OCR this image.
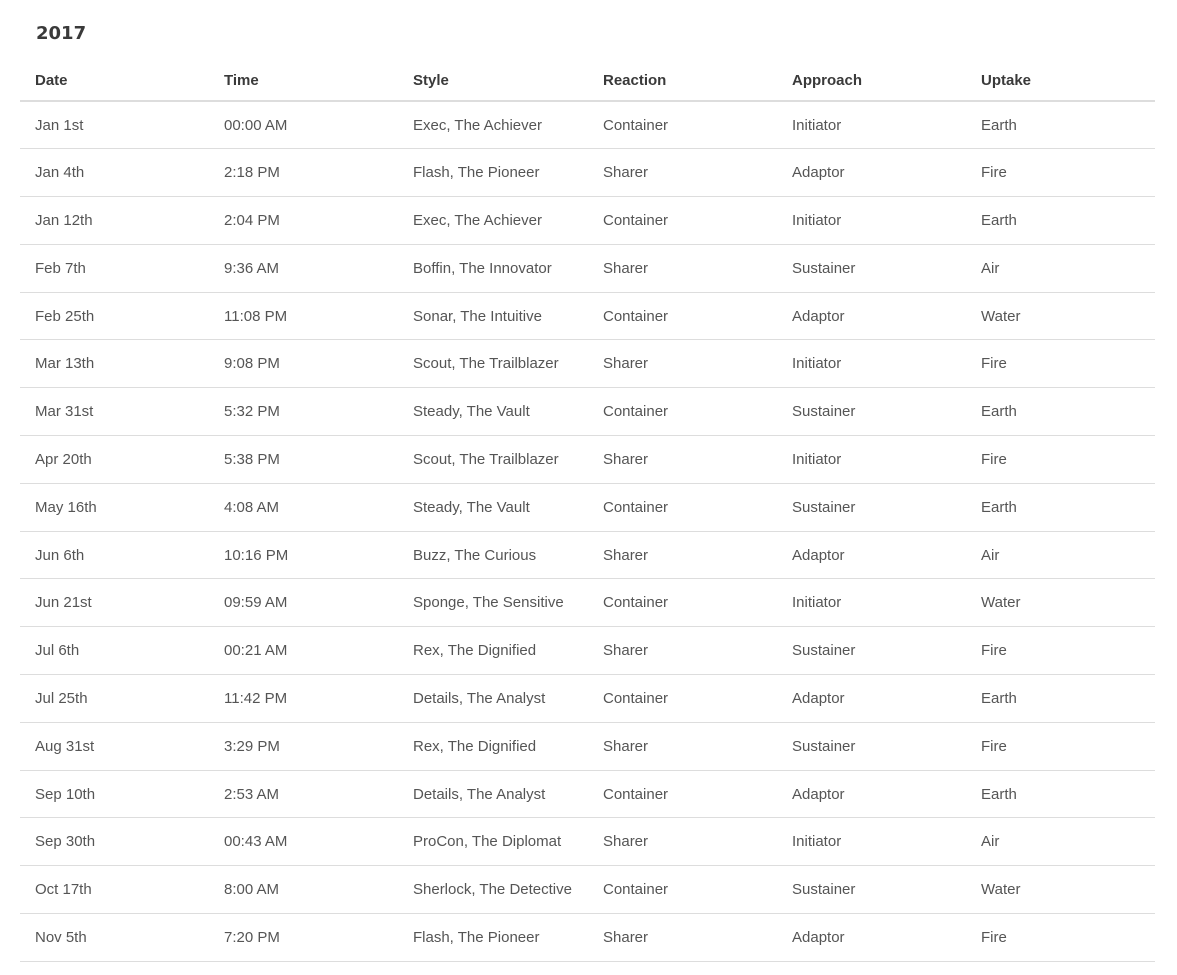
2017
Date	Time	Style	Reaction	Approach	Uptake
Jan 1st	00:00 AM	Exec, The Achiever	Container	Initiator	Earth
Jan 4th	2:18 PM	Flash, The Pioneer	Sharer	Adaptor	Fire
Jan 12th	2:04 PM	Exec, The Achiever	Container	Initiator	Earth
Feb 7th	9:36 AM	Boffin, The Innovator	Sharer	Sustainer	Air
Feb 25th	11:08 PM	Sonar, The Intuitive	Container	Adaptor	Water
Mar 13th	9:08 PM	Scout, The Trailblazer	Sharer	Initiator	Fire
Mar 31st	5:32 PM	Steady, The Vault	Container	Sustainer	Earth
Apr 20th	5:38 PM	Scout, The Trailblazer	Sharer	Initiator	Fire
May 16th	4:08 AM	Steady, The Vault	Container	Sustainer	Earth
Jun 6th	10:16 PM	Buzz, The Curious	Sharer	Adaptor	Air
Jun 21st	09:59 AM	Sponge, The Sensitive	Container	Initiator	Water
Jul 6th	00:21 AM	Rex, The Dignified	Sharer	Sustainer	Fire
Jul 25th	11:42 PM	Details, The Analyst	Container	Adaptor	Earth
Aug 31st	3:29 PM	Rex, The Dignified	Sharer	Sustainer	Fire
Sep 10th	2:53 AM	Details, The Analyst	Container	Adaptor	Earth
Sep 30th	00:43 AM	ProCon, The Diplomat	Sharer	Initiator	Air
Oct 17th	8:00 AM	Sherlock, The Detective	Container	Sustainer	Water
Nov 5th	7:20 PM	Flash, The Pioneer	Sharer	Adaptor	Fire
